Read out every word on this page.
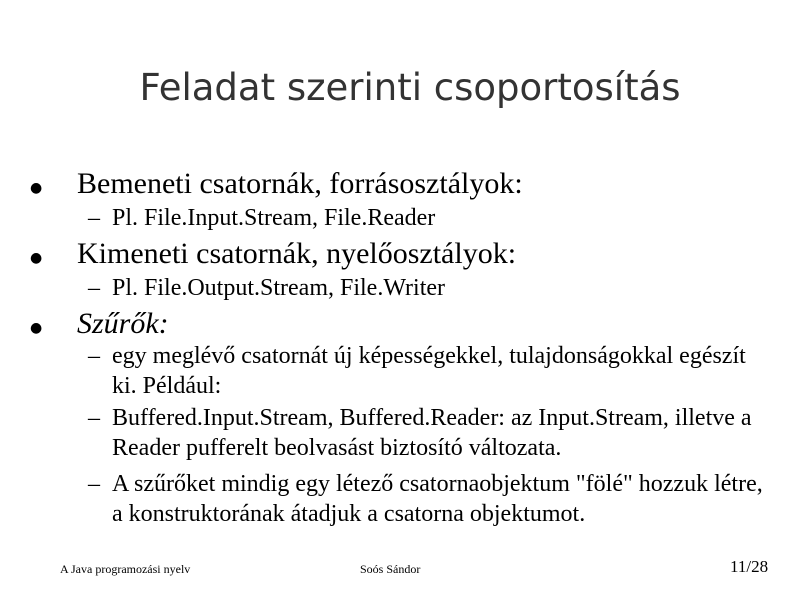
Feladat szerinti csoportosítás
● Bemeneti csatornák, forrásosztályok:
– Pl. File.Input.Stream, File.Reader
● Kimeneti csatornák, nyelőosztályok:
– Pl. File.Output.Stream, File.Writer
● Szűrők:
– egy meglévő csatornát új képességekkel, tulajdonságokkal egészít ki. Például:
– Buffered.Input.Stream, Buffered.Reader: az Input.Stream, illetve a Reader pufferelt beolvasást biztosító változata.
– A szűrőket mindig egy létező csatornaobjektum "fölé" hozzuk létre, a konstruktorának átadjuk a csatorna objektumot.
A Java programozási nyelv	Soós Sándor	11/28
